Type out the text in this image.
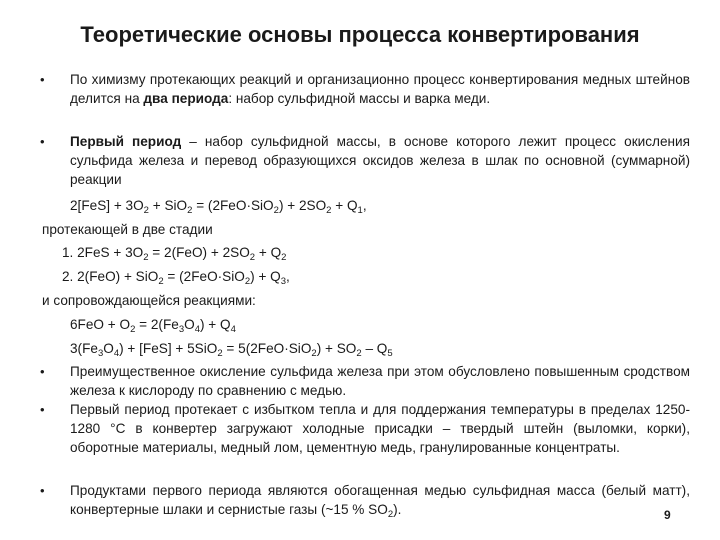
Теоретические основы процесса конвертирования
• По химизму протекающих реакций и организационно процесс конвертирования медных штейнов делится на два периода: набор сульфидной массы и варка меди.
• Первый период – набор сульфидной массы, в основе которого лежит процесс окисления сульфида железа и перевод образующихся оксидов железа в шлак по основной (суммарной) реакции
$2[FeS] + 3O_2 + SiO_2 = (2FeO\cdot SiO_2) + 2SO_2 + Q_1$,
протекающей в две стадии
1. $2FeS + 3O_2 = 2(FeO) + 2SO_2 + Q_2$
2. $2(FeO) + SiO_2 = (2FeO\cdot SiO_2) + Q_3$,
и сопровождающейся реакциями:
$6FeO + O_2 = 2(Fe_3O_4) + Q_4$
$3(Fe_3O_4) + [FeS] + 5SiO_2 = 5(2FeO\cdot SiO_2) + SO_2 - Q_5$
• Преимущественное окисление сульфида железа при этом обусловлено повышенным сродством железа к кислороду по сравнению с медью.
• Первый период протекает с избытком тепла и для поддержания температуры в пределах 1250-1280 °С в конвертер загружают холодные присадки – твердый штейн (выломки, корки), оборотные материалы, медный лом, цементную медь, гранулированные концентраты.
• Продуктами первого периода являются обогащенная медью сульфидная масса (белый матт), конвертерные шлаки и сернистые газы (~15 % $SO_2$).	9
